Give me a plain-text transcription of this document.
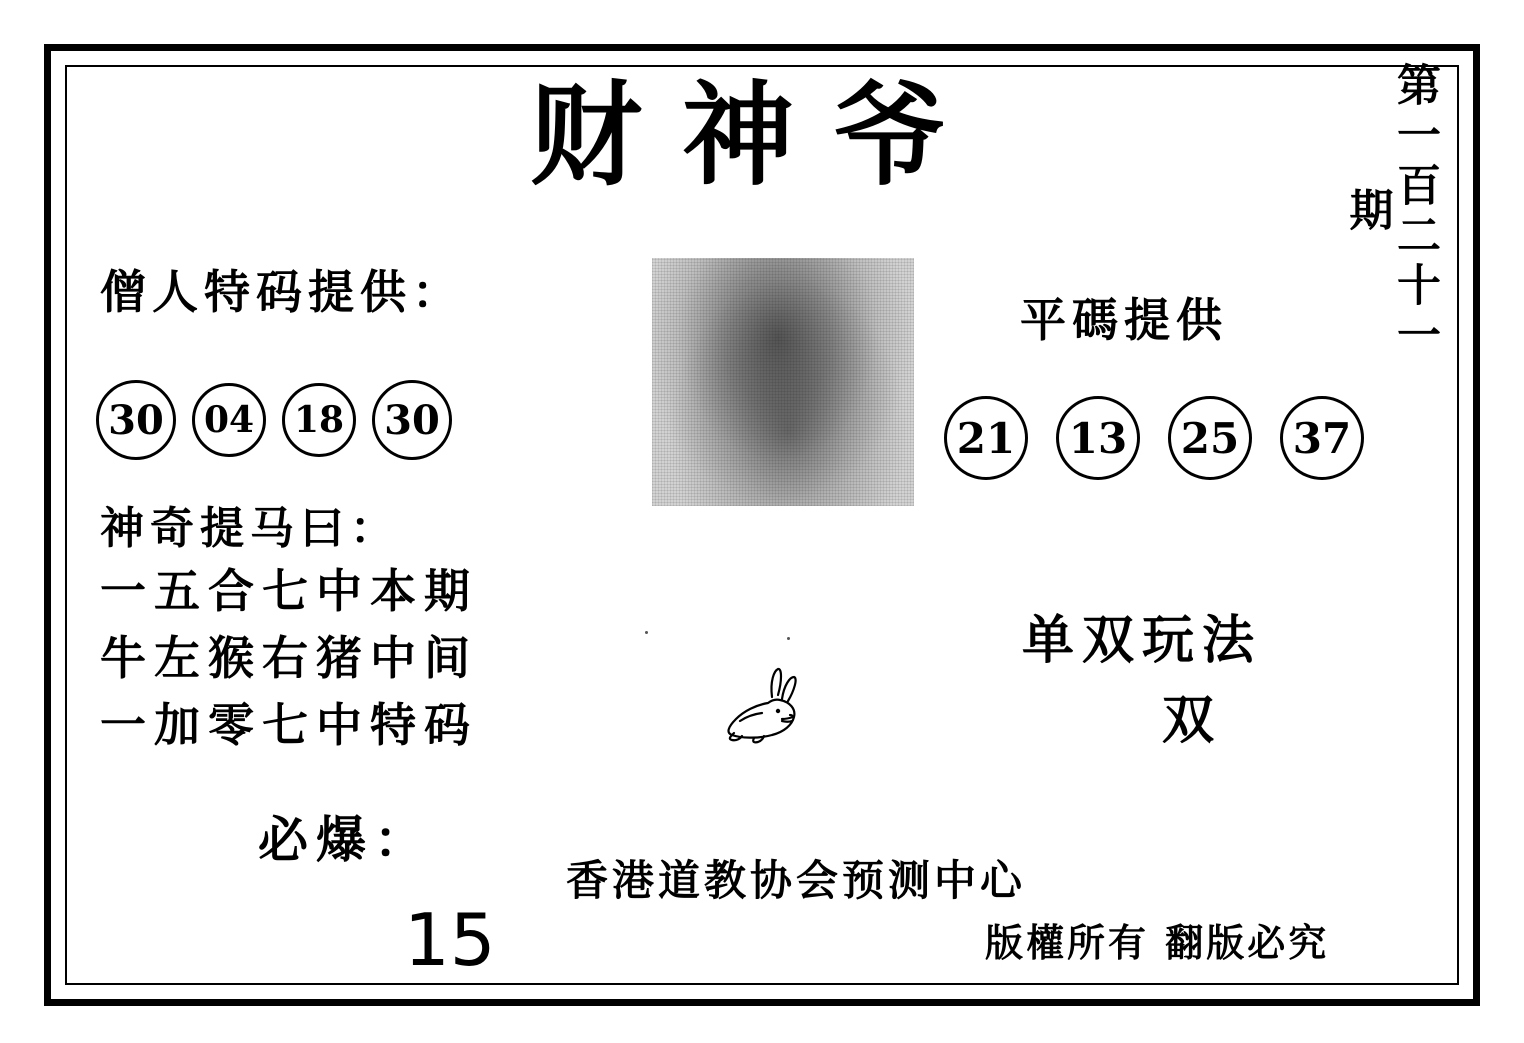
财神爷	第一百二十一期
僧人特码提供：
30	04	18	30
神奇提马曰：
一五合七中本期
牛左猴右猪中间
一加零七中特码
必爆：
15
平碼提供
21	13	25	37
单双玩法
双
香港道教协会预测中心
版權所有 翻版必究
